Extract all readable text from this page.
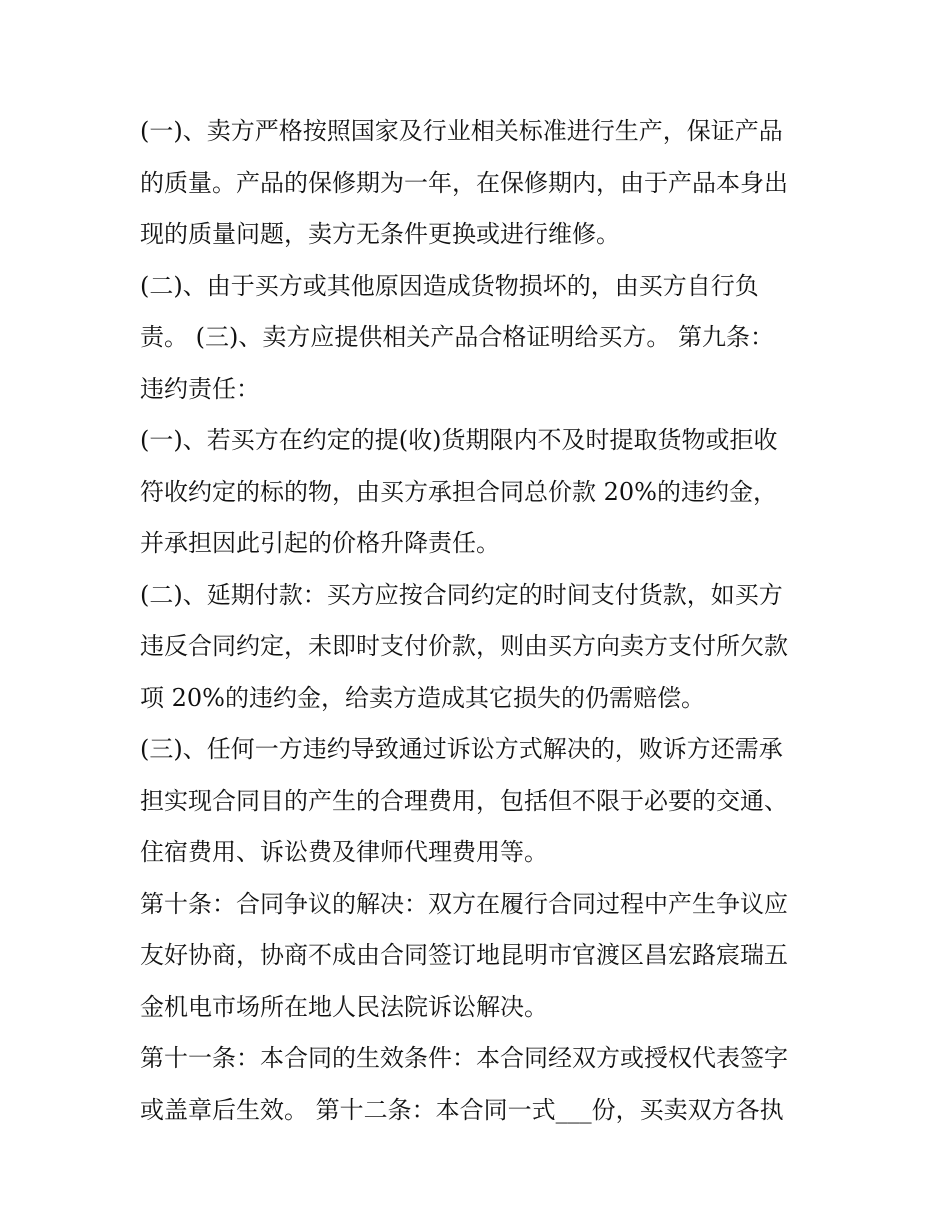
(一)、卖方严格按照国家及行业相关标准进行生产，保证产品
的质量。产品的保修期为一年，在保修期内，由于产品本身出
现的质量问题，卖方无条件更换或进行维修。
(二)、由于买方或其他原因造成货物损坏的，由买方自行负
责。 (三)、卖方应提供相关产品合格证明给买方。 第九条：
违约责任：
(一)、若买方在约定的提(收)货期限内不及时提取货物或拒收
符收约定的标的物，由买方承担合同总价款 20%的违约金，
并承担因此引起的价格升降责任。
(二)、延期付款：买方应按合同约定的时间支付货款，如买方
违反合同约定，未即时支付价款，则由买方向卖方支付所欠款
项 20%的违约金，给卖方造成其它损失的仍需赔偿。
(三)、任何一方违约导致通过诉讼方式解决的，败诉方还需承
担实现合同目的产生的合理费用，包括但不限于必要的交通、
住宿费用、诉讼费及律师代理费用等。
第十条：合同争议的解决：双方在履行合同过程中产生争议应
友好协商，协商不成由合同签订地昆明市官渡区昌宏路宸瑞五
金机电市场所在地人民法院诉讼解决。
第十一条：本合同的生效条件：本合同经双方或授权代表签字
或盖章后生效。 第十二条：本合同一式___份，买卖双方各执
